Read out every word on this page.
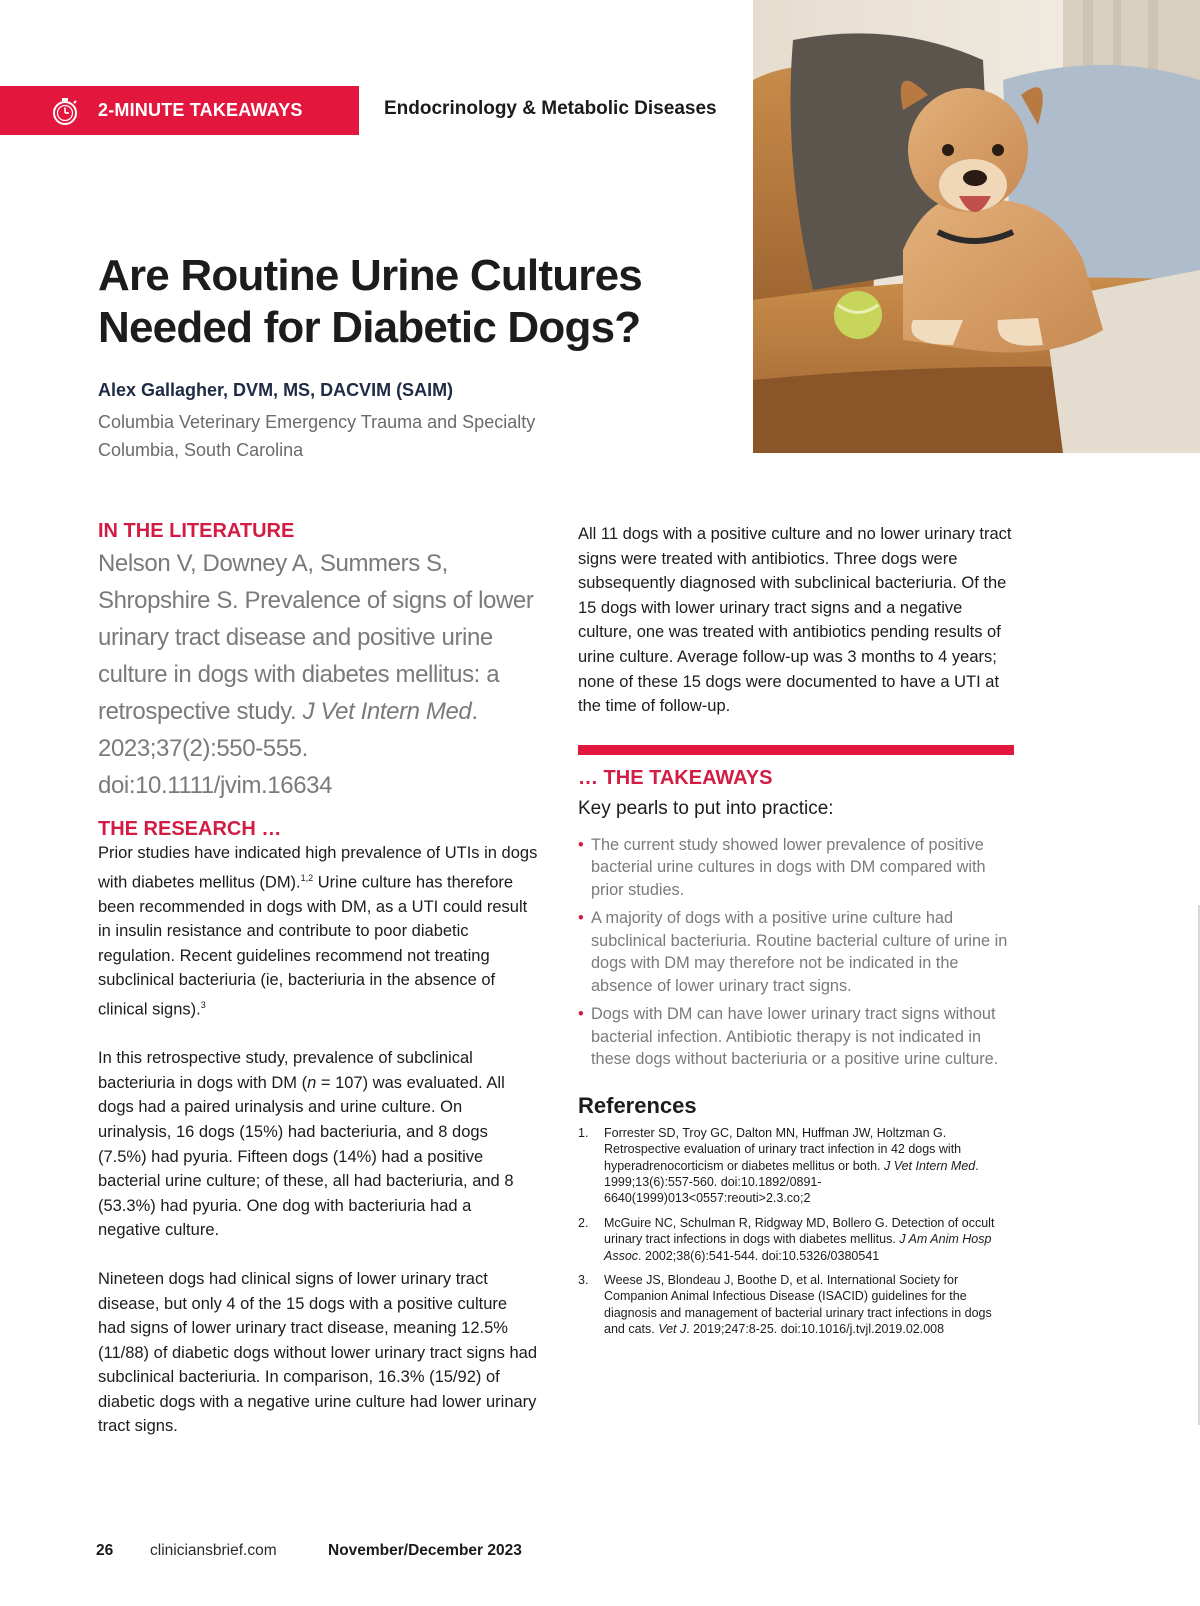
2-MINUTE TAKEAWAYS	Endocrinology & Metabolic Diseases
Are Routine Urine Cultures
Needed for Diabetic Dogs?
Alex Gallagher, DVM, MS, DACVIM (SAIM)
Columbia Veterinary Emergency Trauma and Specialty
Columbia, South Carolina
IN THE LITERATURE

Nelson V, Downey A, Summers S, Shropshire S. Prevalence of signs of lower urinary tract disease and positive urine culture in dogs with diabetes mellitus: a retrospective study. J Vet Intern Med. 2023;37(2):550-555. doi:10.1111/jvim.16634

THE RESEARCH …

Prior studies have indicated high prevalence of UTIs in dogs with diabetes mellitus (DM).$^{1,2}$ Urine culture has therefore been recommended in dogs with DM, as a UTI could result in insulin resistance and contribute to poor diabetic regulation. Recent guidelines recommend not treating subclinical bacteriuria (ie, bacteriuria in the absence of clinical signs).$^3$

In this retrospective study, prevalence of subclinical bacteriuria in dogs with DM (n = 107) was evaluated. All dogs had a paired urinalysis and urine culture. On urinalysis, 16 dogs (15%) had bacteriuria, and 8 dogs (7.5%) had pyuria. Fifteen dogs (14%) had a positive bacterial urine culture; of these, all had bacteriuria, and 8 (53.3%) had pyuria. One dog with bacteriuria had a negative culture.

Nineteen dogs had clinical signs of lower urinary tract disease, but only 4 of the 15 dogs with a positive culture had signs of lower urinary tract disease, meaning 12.5% (11/88) of diabetic dogs without lower urinary tract signs had subclinical bacteriuria. In comparison, 16.3% (15/92) of diabetic dogs with a negative urine culture had lower urinary tract signs.

All 11 dogs with a positive culture and no lower urinary tract signs were treated with antibiotics. Three dogs were subsequently diagnosed with subclinical bacteriuria. Of the 15 dogs with lower urinary tract signs and a negative culture, one was treated with antibiotics pending results of urine culture. Average follow-up was 3 months to 4 years; none of these 15 dogs were documented to have a UTI at the time of follow-up.

… THE TAKEAWAYS
Key pearls to put into practice:
• The current study showed lower prevalence of positive bacterial urine cultures in dogs with DM compared with prior studies.
• A majority of dogs with a positive urine culture had subclinical bacteriuria. Routine bacterial culture of urine in dogs with DM may therefore not be indicated in the absence of lower urinary tract signs.
• Dogs with DM can have lower urinary tract signs without bacterial infection. Antibiotic therapy is not indicated in these dogs without bacteriuria or a positive urine culture.
References
1.	Forrester SD, Troy GC, Dalton MN, Huffman JW, Holtzman G. Retrospective evaluation of urinary tract infection in 42 dogs with hyperadrenocorticism or diabetes mellitus or both. J Vet Intern Med. 1999;13(6):557-560. doi:10.1892/0891-6640(1999)013<0557:reouti>2.3.co;2
2.	McGuire NC, Schulman R, Ridgway MD, Bollero G. Detection of occult urinary tract infections in dogs with diabetes mellitus. J Am Anim Hosp Assoc. 2002;38(6):541-544. doi:10.5326/0380541
3.	Weese JS, Blondeau J, Boothe D, et al. International Society for Companion Animal Infectious Disease (ISACID) guidelines for the diagnosis and management of bacterial urinary tract infections in dogs and cats. Vet J. 2019;247:8-25. doi:10.1016/j.tvjl.2019.02.008
26	cliniciansbrief.com	November/December 2023
